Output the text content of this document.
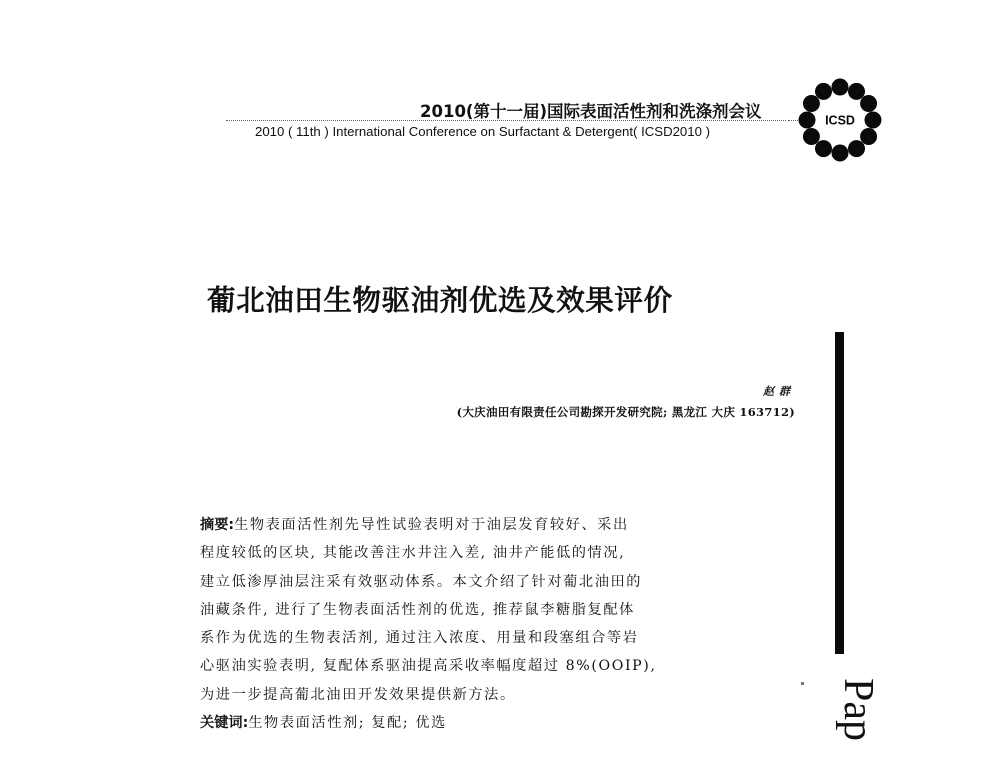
2010(第十一届)国际表面活性剂和洗涤剂会议
2010 ( 11th ) International Conference on Surfactant & Detergent( ICSD2010 )
ICSD
葡北油田生物驱油剂优选及效果评价
赵群
(大庆油田有限责任公司勘探开发研究院; 黑龙江 大庆 163712)
摘要:生物表面活性剂先导性试验表明对于油层发育较好、采出
程度较低的区块, 其能改善注水井注入差, 油井产能低的情况,
建立低渗厚油层注采有效驱动体系。本文介绍了针对葡北油田的
油藏条件, 进行了生物表面活性剂的优选, 推荐鼠李糖脂复配体
系作为优选的生物表活剂, 通过注入浓度、用量和段塞组合等岩
心驱油实验表明, 复配体系驱油提高采收率幅度超过 8%(OOIP),
为进一步提高葡北油田开发效果提供新方法。
关键词:生物表面活性剂; 复配; 优选	Pap
